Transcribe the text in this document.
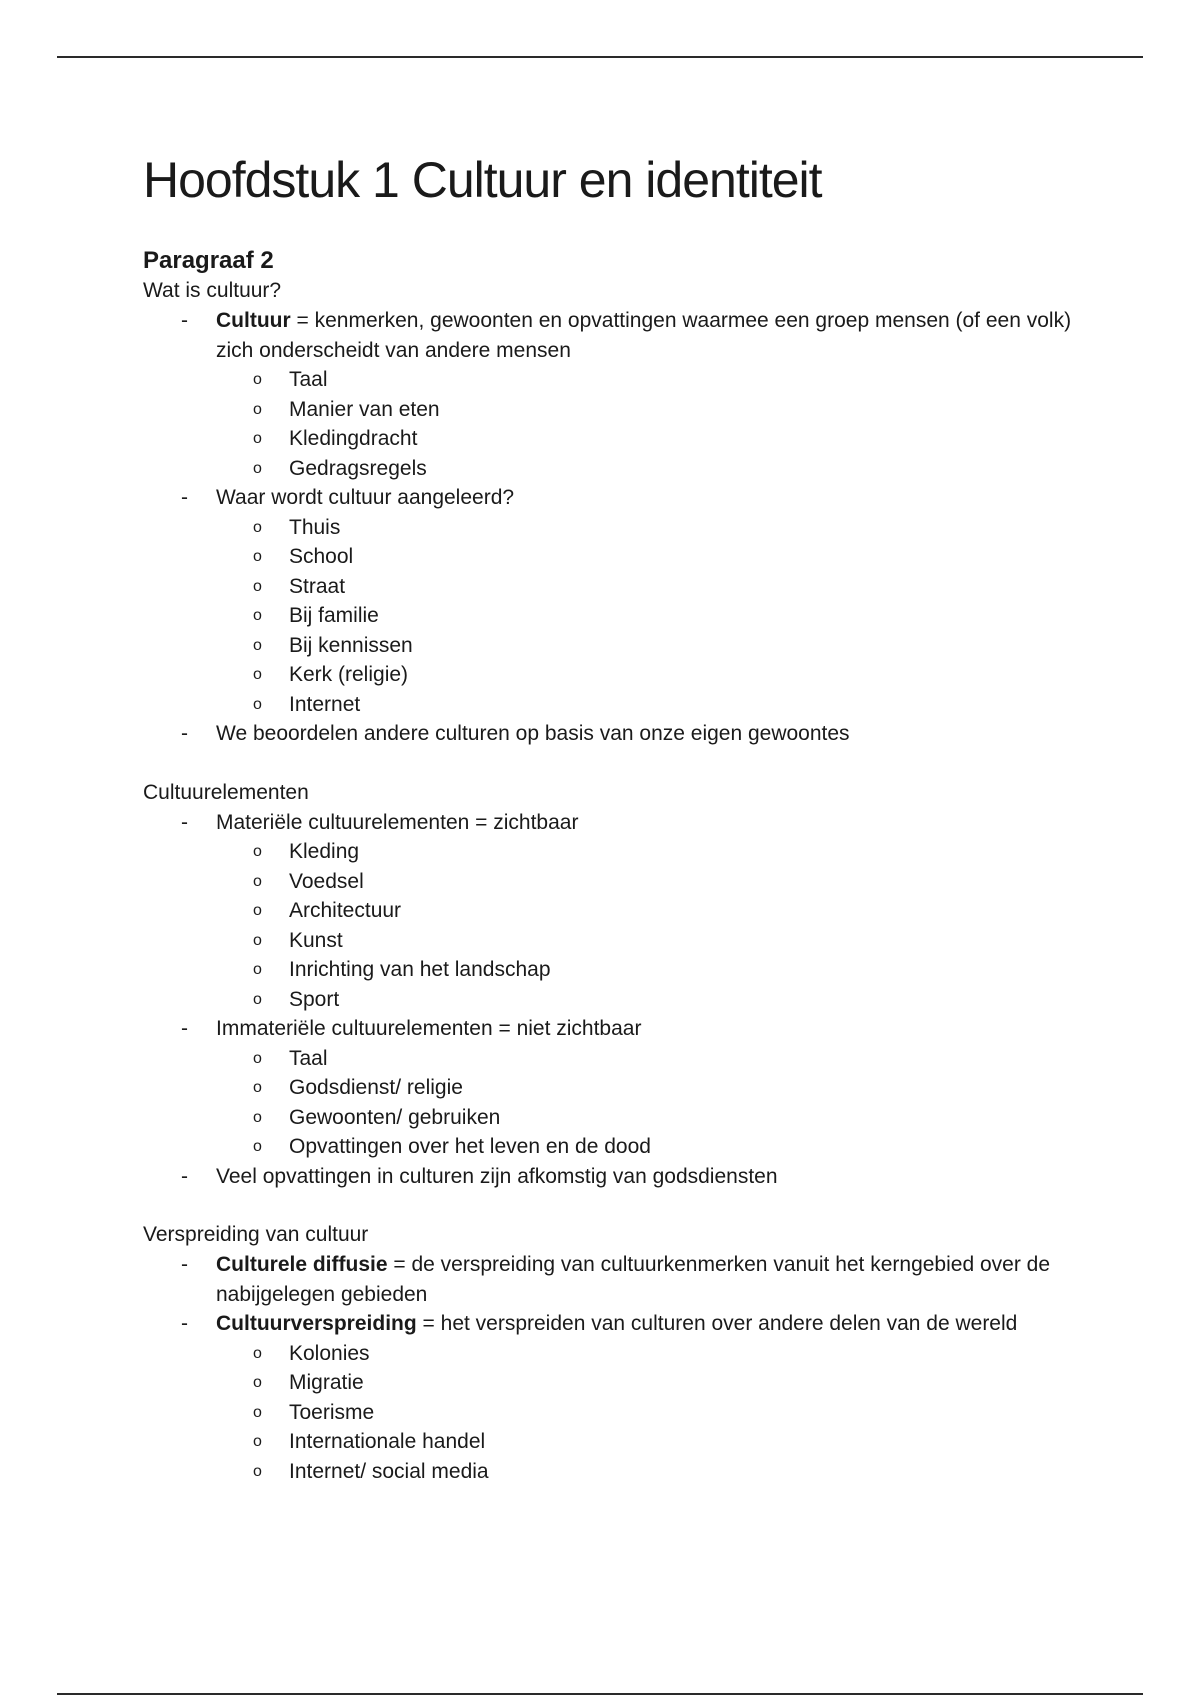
Hoofdstuk 1 Cultuur en identiteit
Paragraaf 2
Wat is cultuur?
-	Cultuur = kenmerken, gewoonten en opvattingen waarmee een groep mensen (of een volk) zich onderscheidt van andere mensen
o Taal
o Manier van eten
o Kledingdracht
o Gedragsregels
-	Waar wordt cultuur aangeleerd?
o Thuis
o School
o Straat
o Bij familie
o Bij kennissen
o Kerk (religie)
o Internet
-	We beoordelen andere culturen op basis van onze eigen gewoontes
Cultuurelementen
-	Materiële cultuurelementen = zichtbaar
o Kleding
o Voedsel
o Architectuur
o Kunst
o Inrichting van het landschap
o Sport
-	Immateriële cultuurelementen = niet zichtbaar
o Taal
o Godsdienst/ religie
o Gewoonten/ gebruiken
o Opvattingen over het leven en de dood
-	Veel opvattingen in culturen zijn afkomstig van godsdiensten
Verspreiding van cultuur
-	Culturele diffusie = de verspreiding van cultuurkenmerken vanuit het kerngebied over de nabijgelegen gebieden
-	Cultuurverspreiding = het verspreiden van culturen over andere delen van de wereld
o Kolonies
o Migratie
o Toerisme
o Internationale handel
o Internet/ social media
